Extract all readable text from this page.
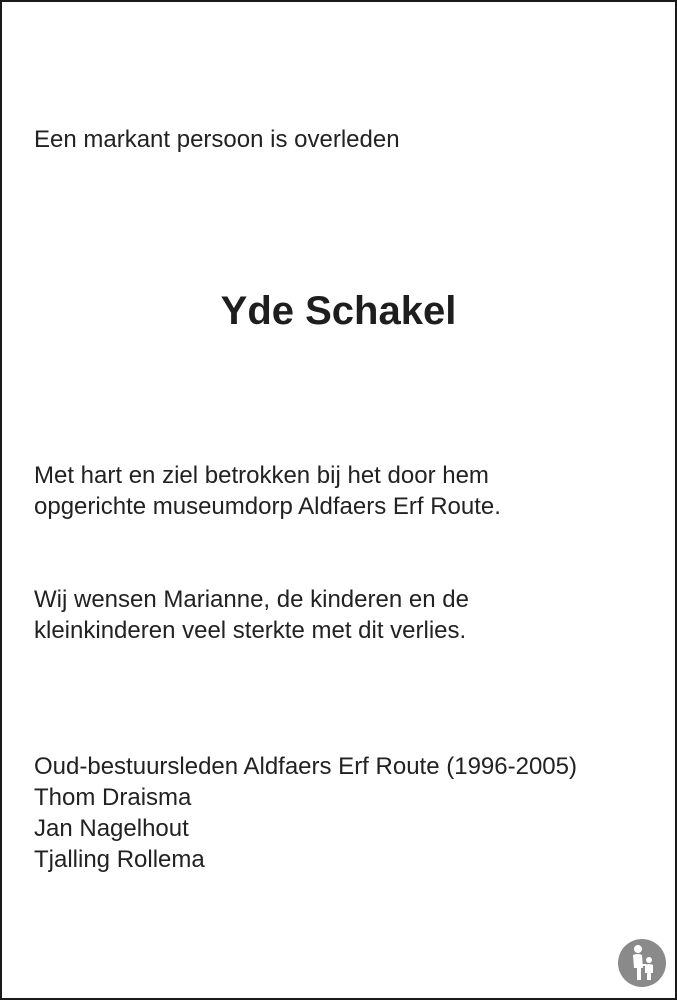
Een markant persoon is overleden

Yde Schakel

Met hart en ziel betrokken bij het door hem
opgerichte museumdorp Aldfaers Erf Route.

Wij wensen Marianne, de kinderen en de
kleinkinderen veel sterkte met dit verlies.

Oud-bestuursleden Aldfaers Erf Route (1996-2005)
Thom Draisma
Jan Nagelhout
Tjalling Rollema
